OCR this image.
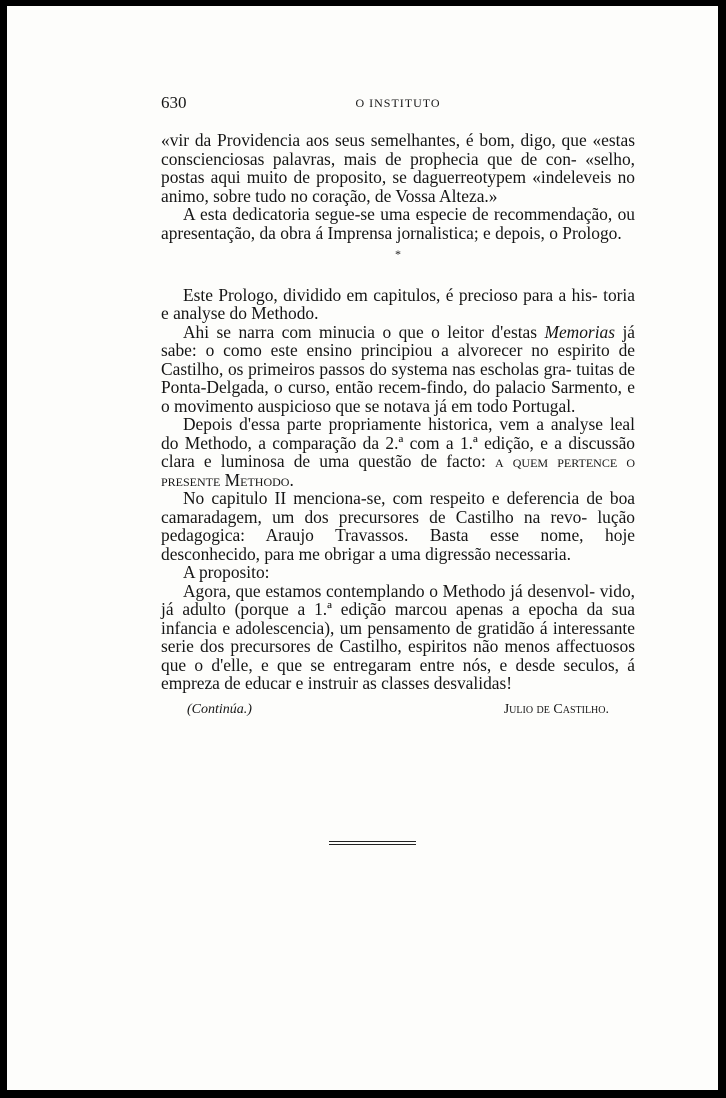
630	O INSTITUTO

«vir da Providencia aos seus semelhantes, é bom, digo, que «estas conscienciosas palavras, mais de prophecia que de con- «selho, postas aqui muito de proposito, se daguerreotypem «indeleveis no animo, sobre tudo no coração, de Vossa Alteza.»

A esta dedicatoria segue-se uma especie de recommendação, ou apresentação, da obra á Imprensa jornalistica; e depois, o Prologo.

*

Este Prologo, dividido em capitulos, é precioso para a his- toria e analyse do Methodo.

Ahi se narra com minucia o que o leitor d'estas Memorias já sabe: o como este ensino principiou a alvorecer no espirito de Castilho, os primeiros passos do systema nas escholas gra- tuitas de Ponta-Delgada, o curso, então recem-findo, do palacio Sarmento, e o movimento auspicioso que se notava já em todo Portugal.

Depois d'essa parte propriamente historica, vem a analyse leal do Methodo, a comparação da 2.ª com a 1.ª edição, e a discussão clara e luminosa de uma questão de facto: a quem pertence o presente Methodo.

No capitulo II menciona-se, com respeito e deferencia de boa camaradagem, um dos precursores de Castilho na revo- lução pedagogica: Araujo Travassos. Basta esse nome, hoje desconhecido, para me obrigar a uma digressão necessaria.

A proposito:

Agora, que estamos contemplando o Methodo já desenvol- vido, já adulto (porque a 1.ª edição marcou apenas a epocha da sua infancia e adolescencia), um pensamento de gratidão á interessante serie dos precursores de Castilho, espiritos não menos affectuosos que o d'elle, e que se entregaram entre nós, e desde seculos, á empreza de educar e instruir as classes desvalidas!

(Continúa.)	Julio de Castilho.
